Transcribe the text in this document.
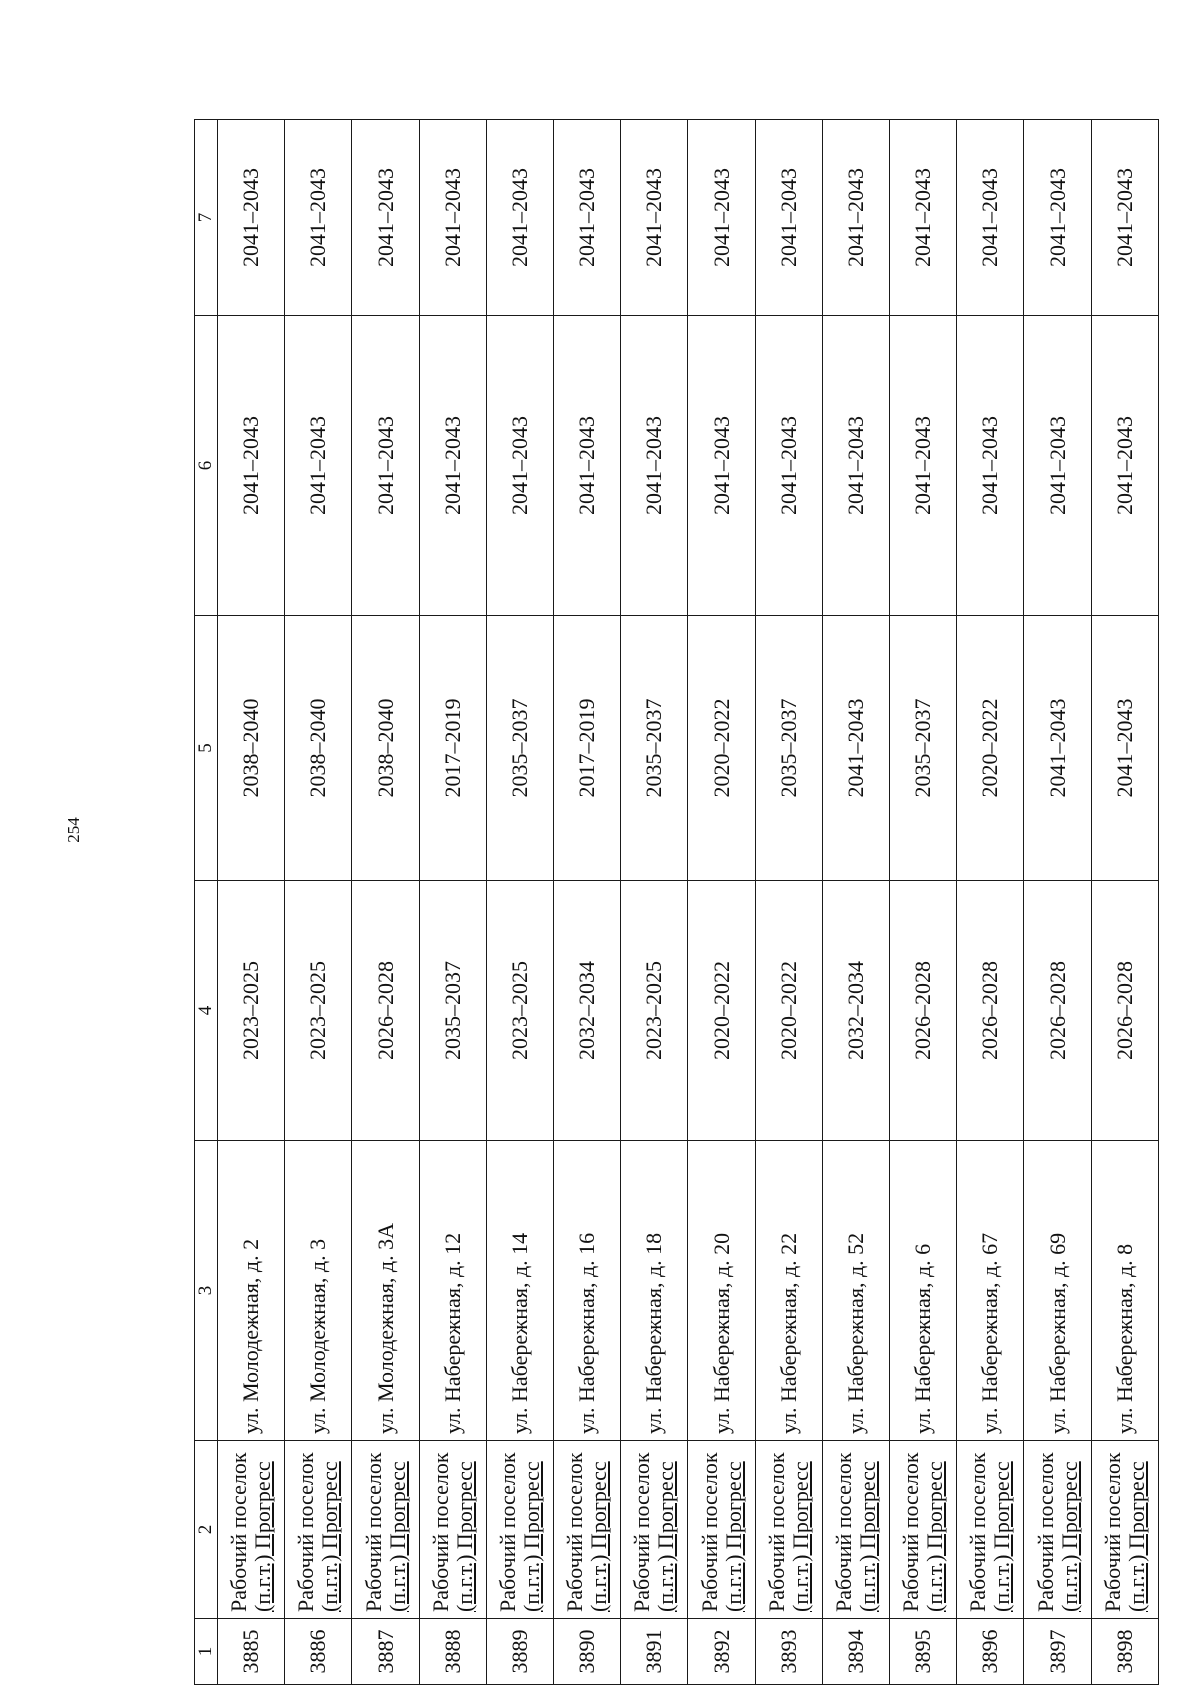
254
1	2	3	4	5	6	7
3885	Рабочий поселок
(п.г.т.) Прогресс	ул. Молодежная, д. 2	2023–2025	2038–2040	2041–2043	2041–2043
3886	Рабочий поселок
(п.г.т.) Прогресс	ул. Молодежная, д. 3	2023–2025	2038–2040	2041–2043	2041–2043
3887	Рабочий поселок
(п.г.т.) Прогресс	ул. Молодежная, д. 3А	2026–2028	2038–2040	2041–2043	2041–2043
3888	Рабочий поселок
(п.г.т.) Прогресс	ул. Набережная, д. 12	2035–2037	2017–2019	2041–2043	2041–2043
3889	Рабочий поселок
(п.г.т.) Прогресс	ул. Набережная, д. 14	2023–2025	2035–2037	2041–2043	2041–2043
3890	Рабочий поселок
(п.г.т.) Прогресс	ул. Набережная, д. 16	2032–2034	2017–2019	2041–2043	2041–2043
3891	Рабочий поселок
(п.г.т.) Прогресс	ул. Набережная, д. 18	2023–2025	2035–2037	2041–2043	2041–2043
3892	Рабочий поселок
(п.г.т.) Прогресс	ул. Набережная, д. 20	2020–2022	2020–2022	2041–2043	2041–2043
3893	Рабочий поселок
(п.г.т.) Прогресс	ул. Набережная, д. 22	2020–2022	2035–2037	2041–2043	2041–2043
3894	Рабочий поселок
(п.г.т.) Прогресс	ул. Набережная, д. 52	2032–2034	2041–2043	2041–2043	2041–2043
3895	Рабочий поселок
(п.г.т.) Прогресс	ул. Набережная, д. 6	2026–2028	2035–2037	2041–2043	2041–2043
3896	Рабочий поселок
(п.г.т.) Прогресс	ул. Набережная, д. 67	2026–2028	2020–2022	2041–2043	2041–2043
3897	Рабочий поселок
(п.г.т.) Прогресс	ул. Набережная, д. 69	2026–2028	2041–2043	2041–2043	2041–2043
3898	Рабочий поселок
(п.г.т.) Прогресс	ул. Набережная, д. 8	2026–2028	2041–2043	2041–2043	2041–2043
